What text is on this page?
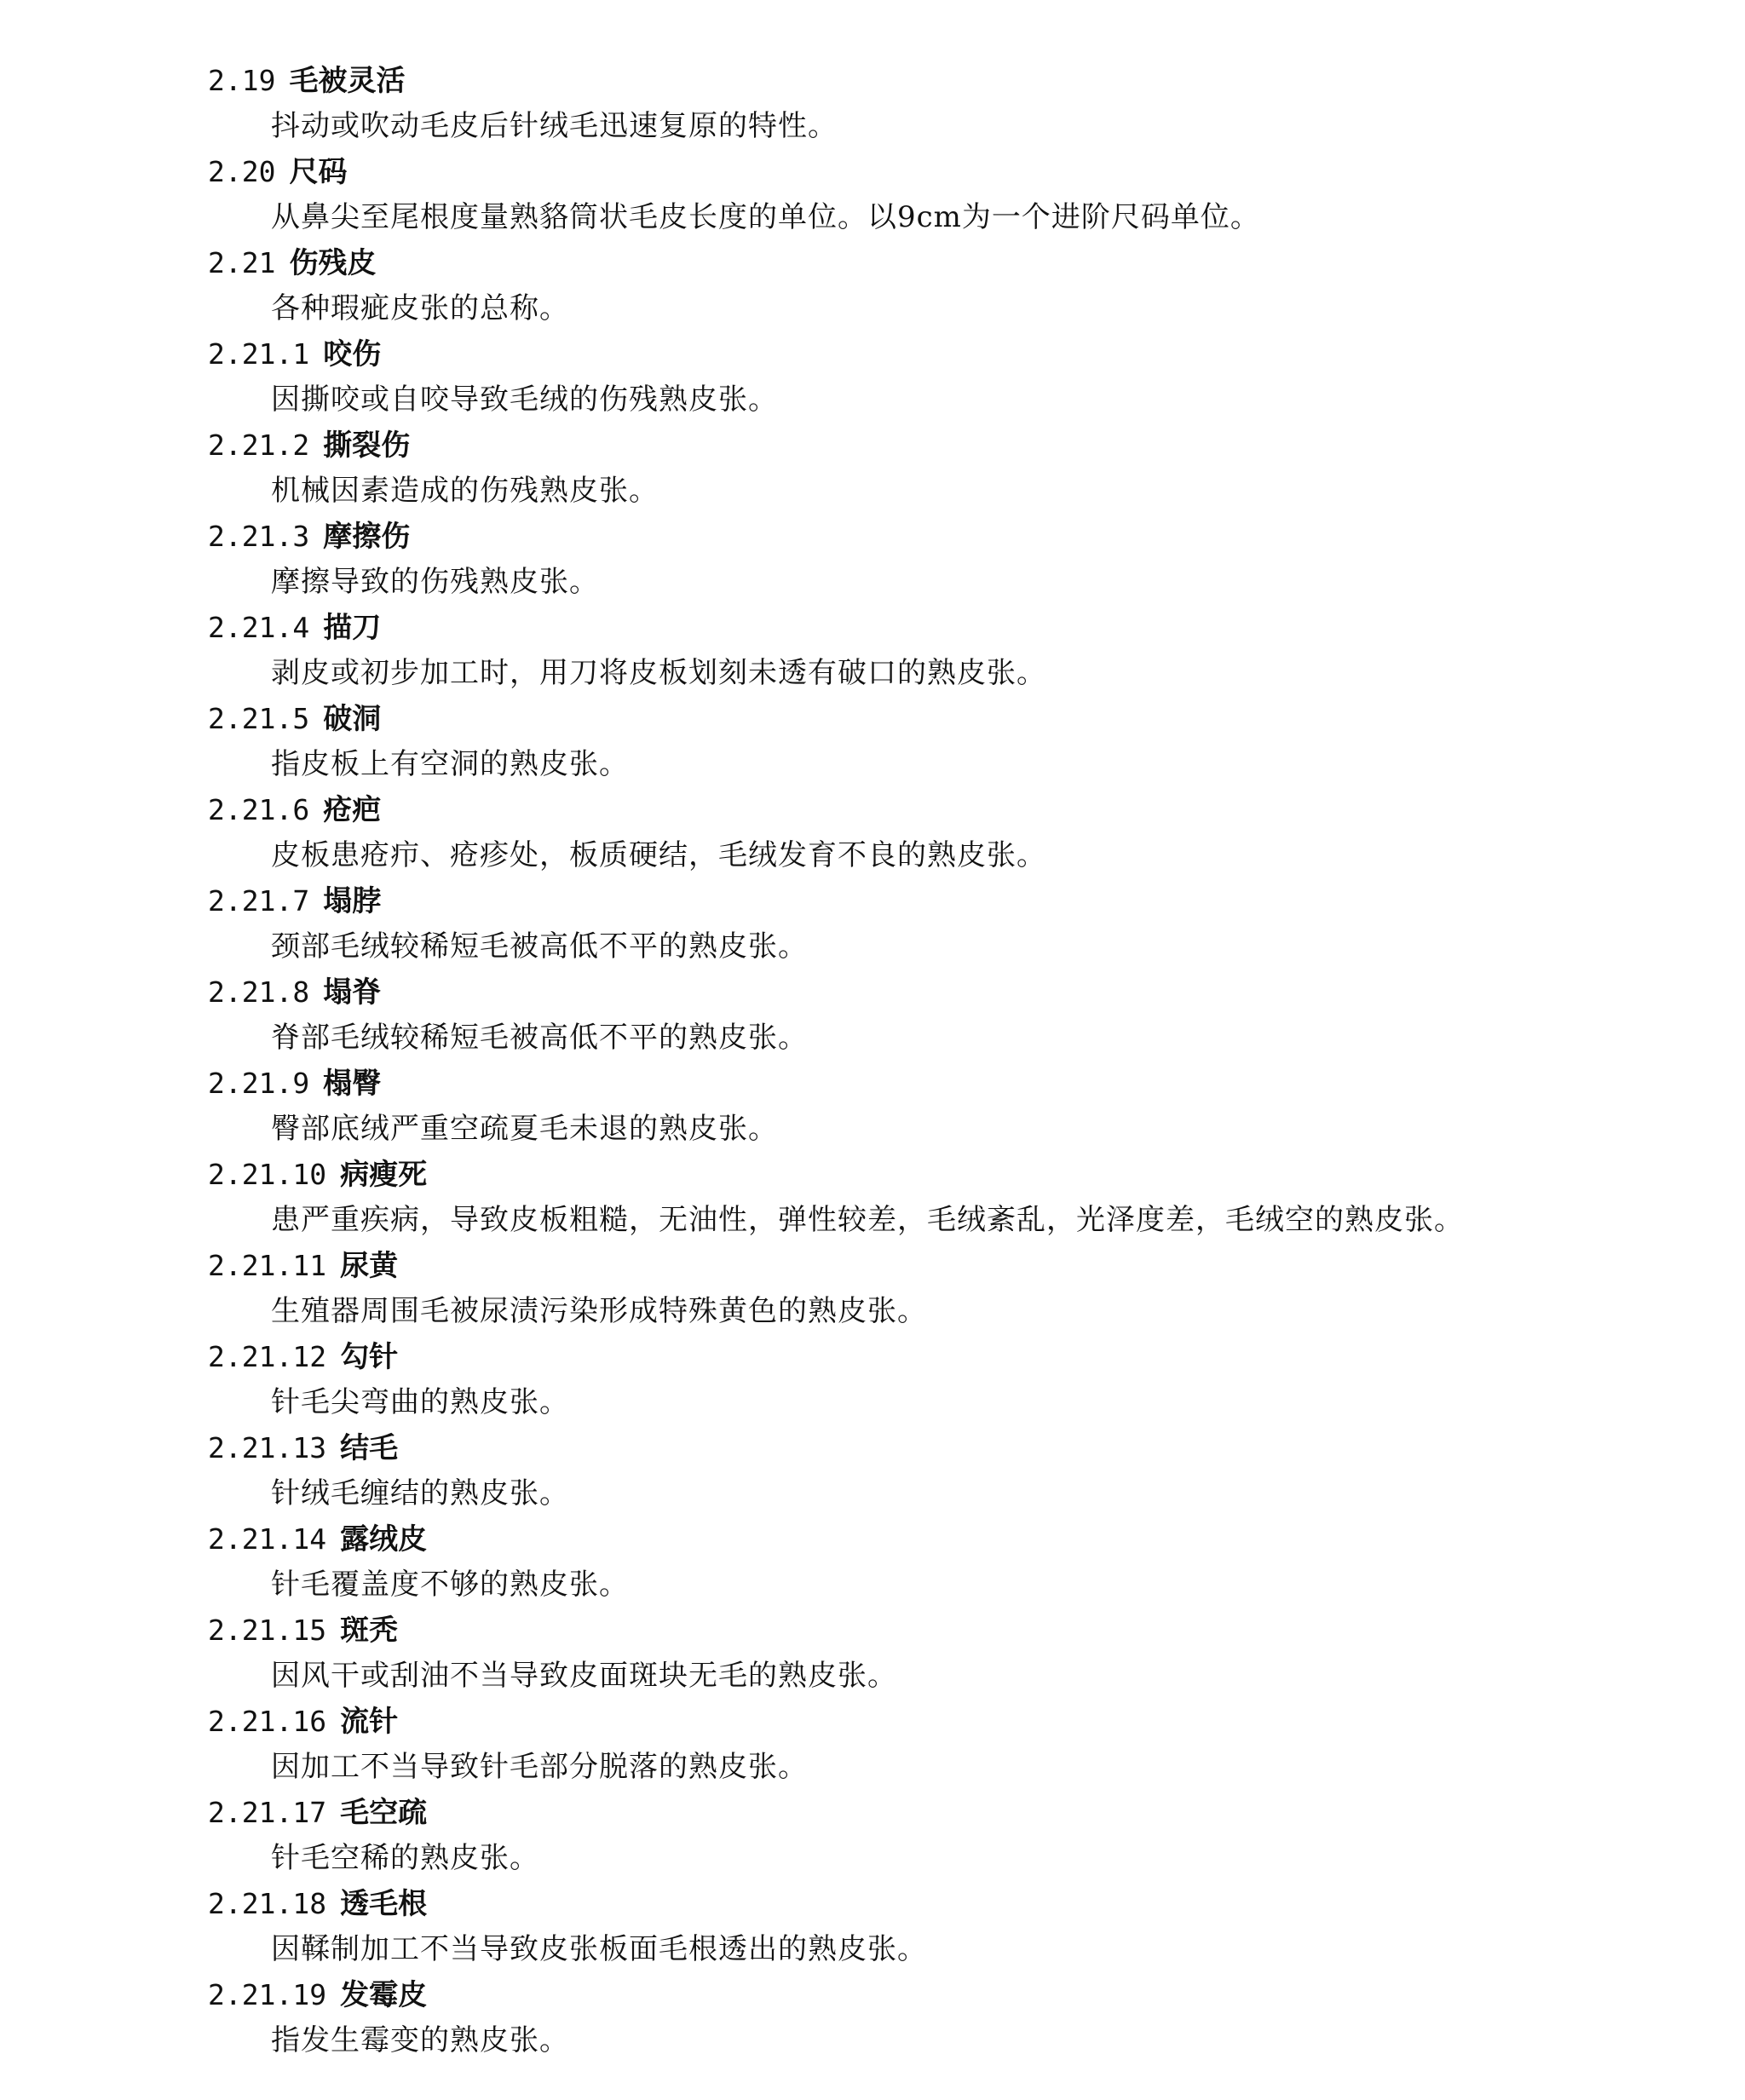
2.19 毛被灵活
抖动或吹动毛皮后针绒毛迅速复原的特性。
2.20 尺码
从鼻尖至尾根度量熟貉筒状毛皮长度的单位。以9cm为一个进阶尺码单位。
2.21 伤残皮
各种瑕疵皮张的总称。
2.21.1 咬伤
因撕咬或自咬导致毛绒的伤残熟皮张。
2.21.2 撕裂伤
机械因素造成的伤残熟皮张。
2.21.3 摩擦伤
摩擦导致的伤残熟皮张。
2.21.4 描刀
剥皮或初步加工时，用刀将皮板划刻未透有破口的熟皮张。
2.21.5 破洞
指皮板上有空洞的熟皮张。
2.21.6 疮疤
皮板患疮疖、疮疹处，板质硬结，毛绒发育不良的熟皮张。
2.21.7 塌脖
颈部毛绒较稀短毛被高低不平的熟皮张。
2.21.8 塌脊
脊部毛绒较稀短毛被高低不平的熟皮张。
2.21.9 榻臀
臀部底绒严重空疏夏毛未退的熟皮张。
2.21.10 病瘦死
患严重疾病，导致皮板粗糙，无油性，弹性较差，毛绒紊乱，光泽度差，毛绒空的熟皮张。
2.21.11 尿黄
生殖器周围毛被尿渍污染形成特殊黄色的熟皮张。
2.21.12 勾针
针毛尖弯曲的熟皮张。
2.21.13 结毛
针绒毛缠结的熟皮张。
2.21.14 露绒皮
针毛覆盖度不够的熟皮张。
2.21.15 斑秃
因风干或刮油不当导致皮面斑块无毛的熟皮张。
2.21.16 流针
因加工不当导致针毛部分脱落的熟皮张。
2.21.17 毛空疏
针毛空稀的熟皮张。
2.21.18 透毛根
因鞣制加工不当导致皮张板面毛根透出的熟皮张。
2.21.19 发霉皮
指发生霉变的熟皮张。
